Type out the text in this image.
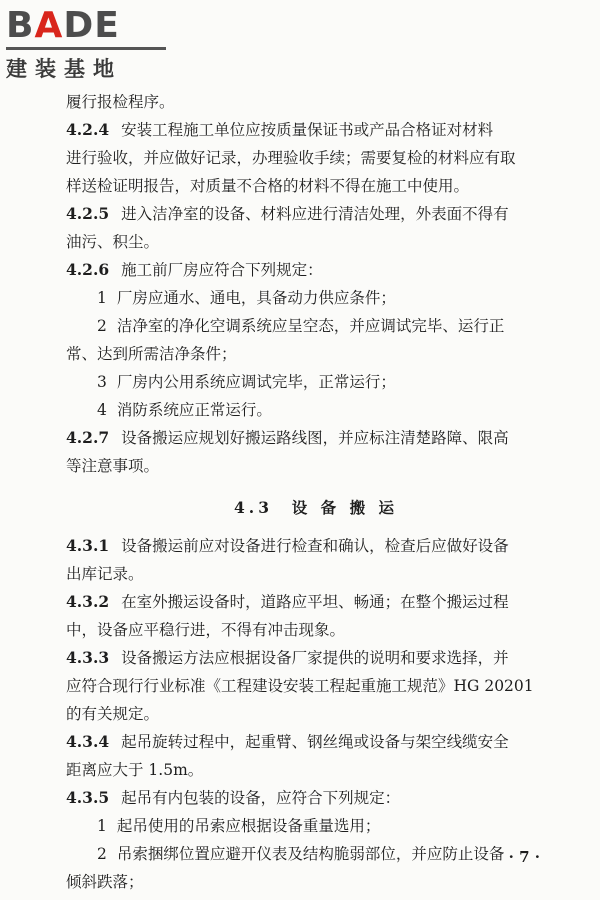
BADE
建装基地
履行报检程序。
4.2.4 安装工程施工单位应按质量保证书或产品合格证对材料
进行验收，并应做好记录，办理验收手续；需要复检的材料应有取
样送检证明报告，对质量不合格的材料不得在施工中使用。
4.2.5 进入洁净室的设备、材料应进行清洁处理，外表面不得有
油污、积尘。
4.2.6 施工前厂房应符合下列规定：
1 厂房应通水、通电，具备动力供应条件；
2 洁净室的净化空调系统应呈空态，并应调试完毕、运行正
常、达到所需洁净条件；
3 厂房内公用系统应调试完毕，正常运行；
4 消防系统应正常运行。
4.2.7 设备搬运应规划好搬运路线图，并应标注清楚路障、限高
等注意事项。
4.3 设 备 搬 运
4.3.1 设备搬运前应对设备进行检查和确认，检查后应做好设备
出库记录。
4.3.2 在室外搬运设备时，道路应平坦、畅通；在整个搬运过程
中，设备应平稳行进，不得有冲击现象。
4.3.3 设备搬运方法应根据设备厂家提供的说明和要求选择，并
应符合现行行业标准《工程建设安装工程起重施工规范》HG 20201
的有关规定。
4.3.4 起吊旋转过程中，起重臂、钢丝绳或设备与架空线缆安全
距离应大于 1.5m。
4.3.5 起吊有内包装的设备，应符合下列规定：
1 起吊使用的吊索应根据设备重量选用；
2 吊索捆绑位置应避开仪表及结构脆弱部位，并应防止设备
倾斜跌落；
· 7 ·
